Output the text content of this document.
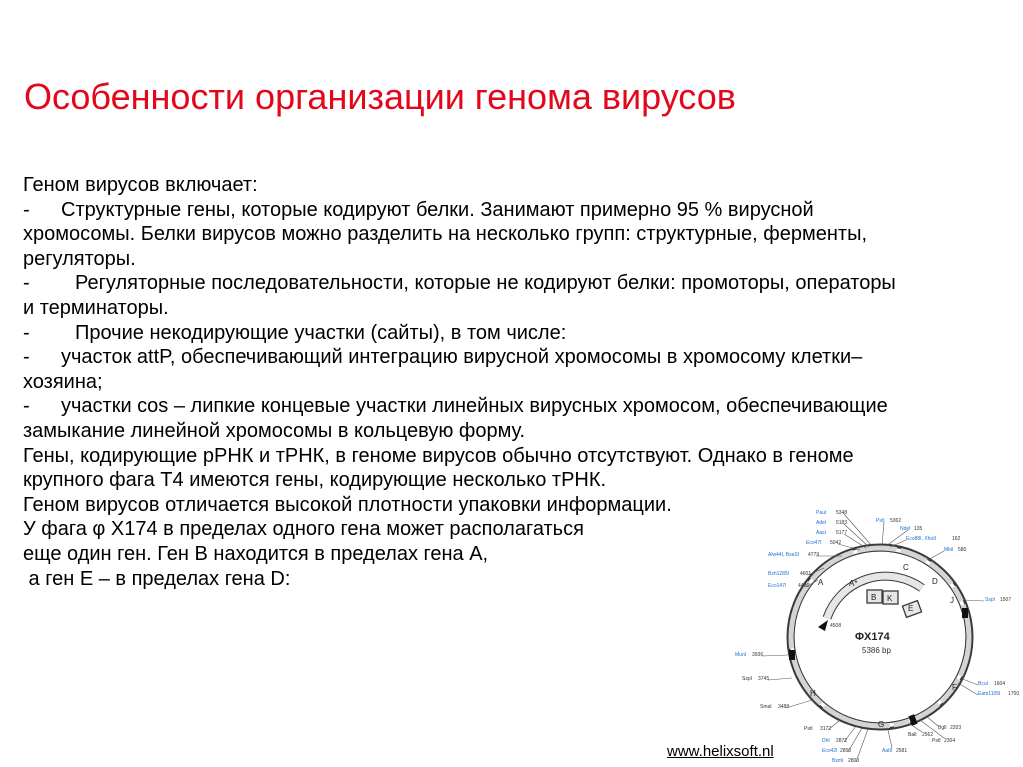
Особенности организации генома вирусов
Геном вирусов включает:
- Структурные гены, которые кодируют белки. Занимают примерно 95 % вирусной
хромосомы. Белки вирусов можно разделить на несколько групп: структурные, ферменты,
регуляторы.
- Регуляторные последовательности, которые не кодируют белки: промоторы, операторы
и терминаторы.
- Прочие некодирующие участки (сайты), в том числе:
- участок attP, обеспечивающий интеграцию вирусной хромосомы в хромосому клетки–
хозяина;
- участки cos – липкие концевые участки линейных вирусных хромосом, обеспечивающие
замыкание линейной хромосомы в кольцевую форму.
Гены, кодирующие рРНК и тРНК, в геноме вирусов обычно отсутствуют. Однако в геноме
крупного фага Т4 имеются гены, кодирующие несколько тРНК.
Геном вирусов отличается высокой плотности упаковки информации.
У фага φ Х174 в пределах одного гена может располагаться
еще один ген. Ген В находится в пределах гена А,
а ген Е – в пределах гена D:	A	A*
B K
C
D
E
J
F
G
H
ΦX174
5386 bp
4508
PauI 5348
AdeI 5183
AasI 5177
Eco47I 5042
Alw44I, BsaSI 4779
Bsh1285I 4601
Eco147I 4486
MunI 3936
SspI 3745
SmaI 3488
PstI 3172
DhI 2872
Eco42I 2850
BsmI 2800
PstI 5362
NdeI 135
Eco88I, XhoII	162
MbiI 580
SspI 1507
BcuI 1604
Eam1105I 1700
AatII 2581
BalI 2562
PstI 2304
BglI 2203
www.helixsoft.nl
